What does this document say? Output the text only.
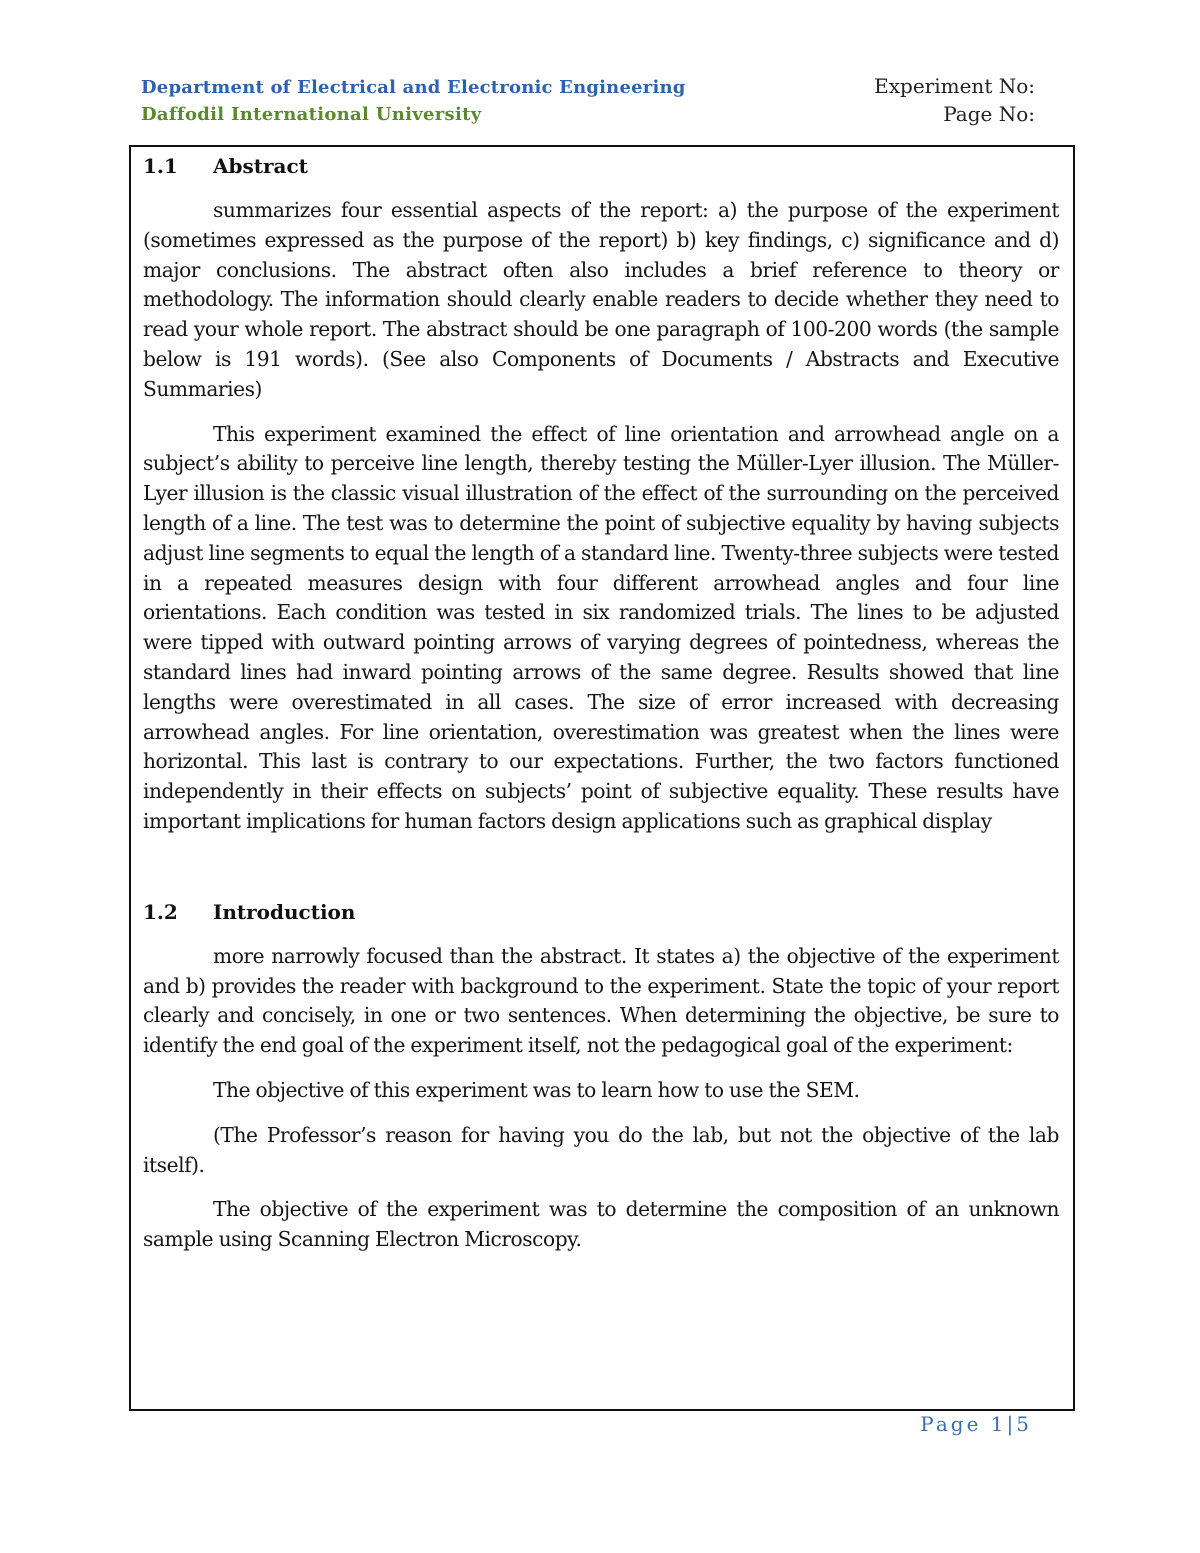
Department of Electrical and Electronic Engineering
Daffodil International University
Experiment No:
Page No:
1.1	Abstract

summarizes four essential aspects of the report: a) the purpose of the experiment (sometimes expressed as the purpose of the report) b) key findings, c) significance and d) major conclusions. The abstract often also includes a brief reference to theory or methodology. The information should clearly enable readers to decide whether they need to read your whole report. The abstract should be one paragraph of 100-200 words (the sample below is 191 words). (See also Components of Documents / Abstracts and Executive Summaries)

This experiment examined the effect of line orientation and arrowhead angle on a subject’s ability to perceive line length, thereby testing the Müller-Lyer illusion. The Müller-Lyer illusion is the classic visual illustration of the effect of the surrounding on the perceived length of a line. The test was to determine the point of subjective equality by having subjects adjust line segments to equal the length of a standard line. Twenty-three subjects were tested in a repeated measures design with four different arrowhead angles and four line orientations. Each condition was tested in six randomized trials. The lines to be adjusted were tipped with outward pointing arrows of varying degrees of pointedness, whereas the standard lines had inward pointing arrows of the same degree. Results showed that line lengths were overestimated in all cases. The size of error increased with decreasing arrowhead angles. For line orientation, overestimation was greatest when the lines were horizontal. This last is contrary to our expectations. Further, the two factors functioned independently in their effects on subjects’ point of subjective equality. These results have important implications for human factors design applications such as graphical display

1.2	Introduction

more narrowly focused than the abstract. It states a) the objective of the experiment and b) provides the reader with background to the experiment. State the topic of your report clearly and concisely, in one or two sentences. When determining the objective, be sure to identify the end goal of the experiment itself, not the pedagogical goal of the experiment:

The objective of this experiment was to learn how to use the SEM.

(The Professor’s reason for having you do the lab, but not the objective of the lab itself).

The objective of the experiment was to determine the composition of an unknown sample using Scanning Electron Microscopy.

Page 1|5
